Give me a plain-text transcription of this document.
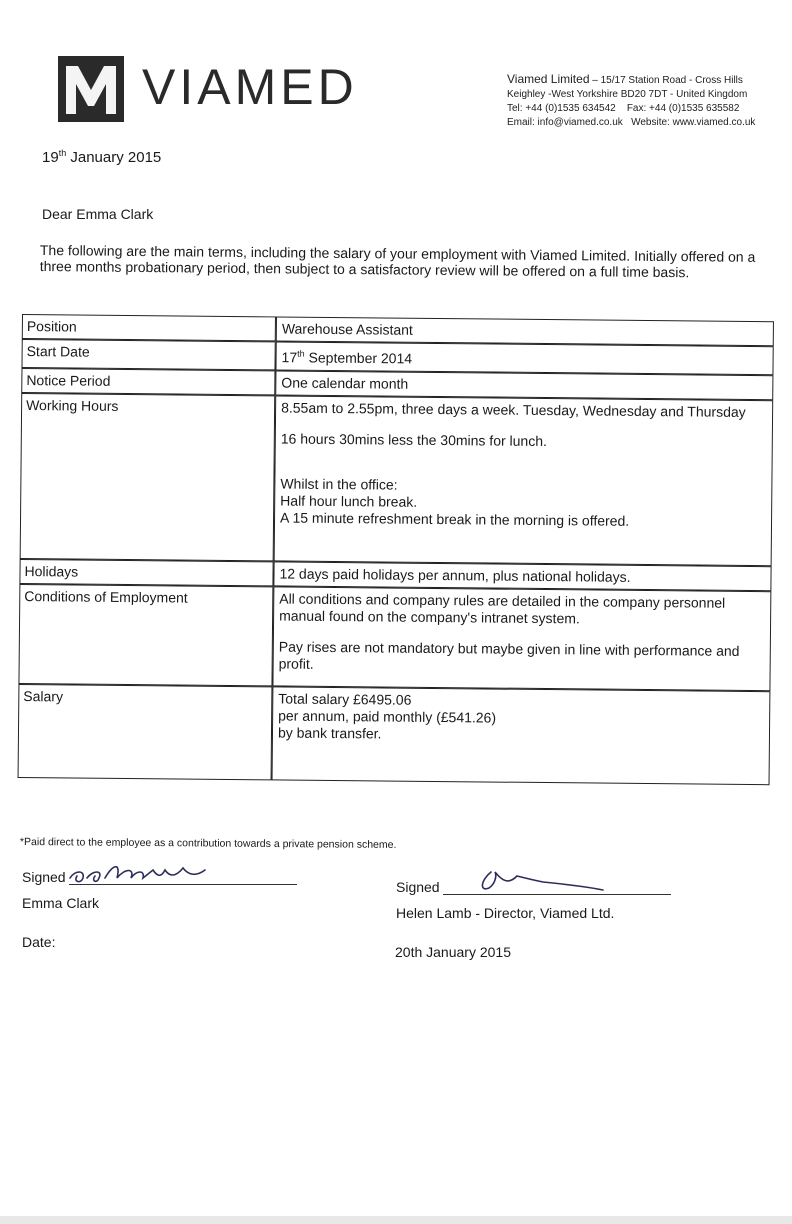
VIAMED	Viamed Limited – 15/17 Station Road - Cross Hills
Keighley -West Yorkshire BD20 7DT - United Kingdom
Tel: +44 (0)1535 634542 Fax: +44 (0)1535 635582
Email: info@viamed.co.uk Website: www.viamed.co.uk
19th January 2015
Dear Emma Clark
The following are the main terms, including the salary of your employment with Viamed Limited. Initially offered on a three months probationary period, then subject to a satisfactory review will be offered on a full time basis.
Position	Warehouse Assistant
Start Date	17th September 2014
Notice Period	One calendar month
Working Hours	8.55am to 2.55pm, three days a week. Tuesday, Wednesday and Thursday
16 hours 30mins less the 30mins for lunch.
Whilst in the office:
Half hour lunch break.
A 15 minute refreshment break in the morning is offered.

Holidays	12 days paid holidays per annum, plus national holidays.
Conditions of Employment	All conditions and company rules are detailed in the company personnel manual found on the company's intranet system.
Pay rises are not mandatory but maybe given in line with performance and profit.

Salary	Total salary £6495.06
per annum, paid monthly (£541.26)
by bank transfer.
*Paid direct to the employee as a contribution towards a private pension scheme.
Signed
Emma Clark
Date:
Signed
Helen Lamb - Director, Viamed Ltd.
20th January 2015
